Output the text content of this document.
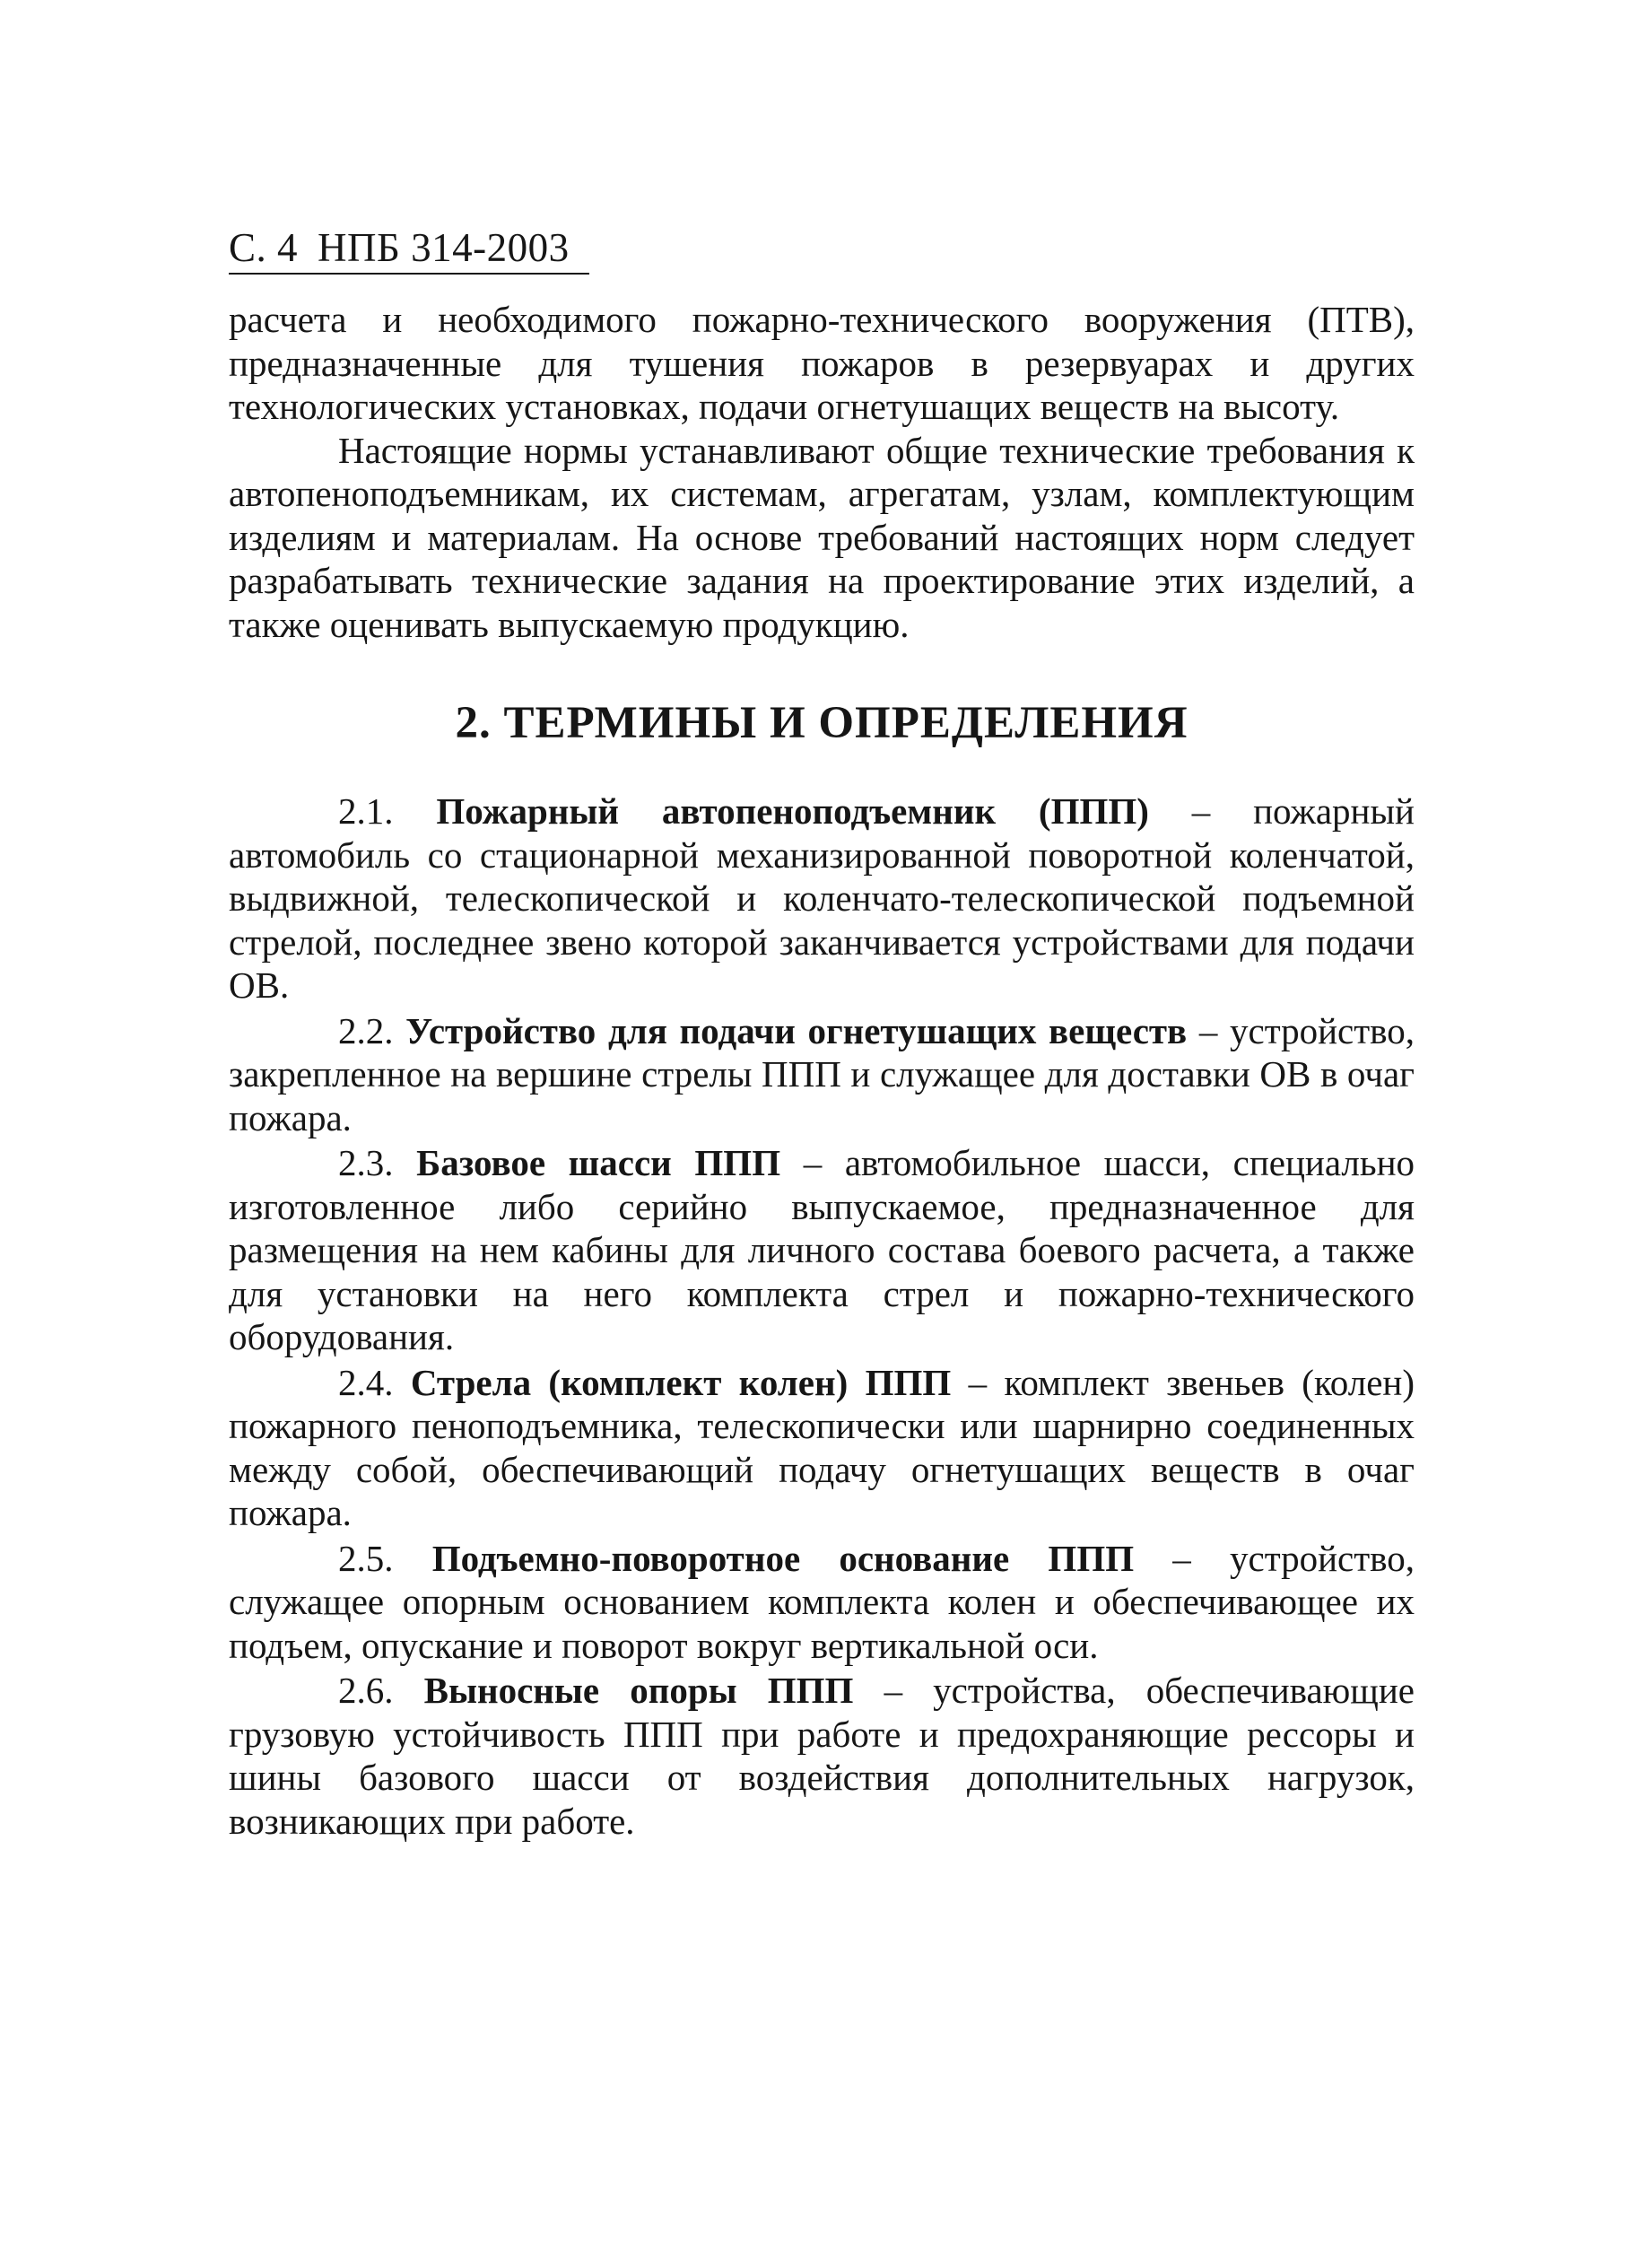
С. 4 НПБ 314-2003

расчета и необходимого пожарно-технического вооружения (ПТВ), предназначенные для тушения пожаров в резервуарах и других технологических установках, подачи огнетушащих веществ на высоту.

Настоящие нормы устанавливают общие технические требования к автопеноподъемникам, их системам, агрегатам, узлам, комплектующим изделиям и материалам. На основе требований настоящих норм следует разрабатывать технические задания на проектирование этих изделий, а также оценивать выпускаемую продукцию.

2. ТЕРМИНЫ И ОПРЕДЕЛЕНИЯ

2.1. Пожарный автопеноподъемник (ППП) – пожарный автомобиль со стационарной механизированной поворотной коленчатой, выдвижной, телескопической и коленчато-телескопической подъемной стрелой, последнее звено которой заканчивается устройствами для подачи ОВ.

2.2. Устройство для подачи огнетушащих веществ – устройство, закрепленное на вершине стрелы ППП и служащее для доставки ОВ в очаг пожара.

2.3. Базовое шасси ППП – автомобильное шасси, специально изготовленное либо серийно выпускаемое, предназначенное для размещения на нем кабины для личного состава боевого расчета, а также для установки на него комплекта стрел и пожарно-технического оборудования.

2.4. Стрела (комплект колен) ППП – комплект звеньев (колен) пожарного пеноподъемника, телескопически или шарнирно соединенных между собой, обеспечивающий подачу огнетушащих веществ в очаг пожара.

2.5. Подъемно-поворотное основание ППП – устройство, служащее опорным основанием комплекта колен и обеспечивающее их подъем, опускание и поворот вокруг вертикальной оси.

2.6. Выносные опоры ППП – устройства, обеспечивающие грузовую устойчивость ППП при работе и предохраняющие рессоры и шины базового шасси от воздействия дополнительных нагрузок, возникающих при работе.
